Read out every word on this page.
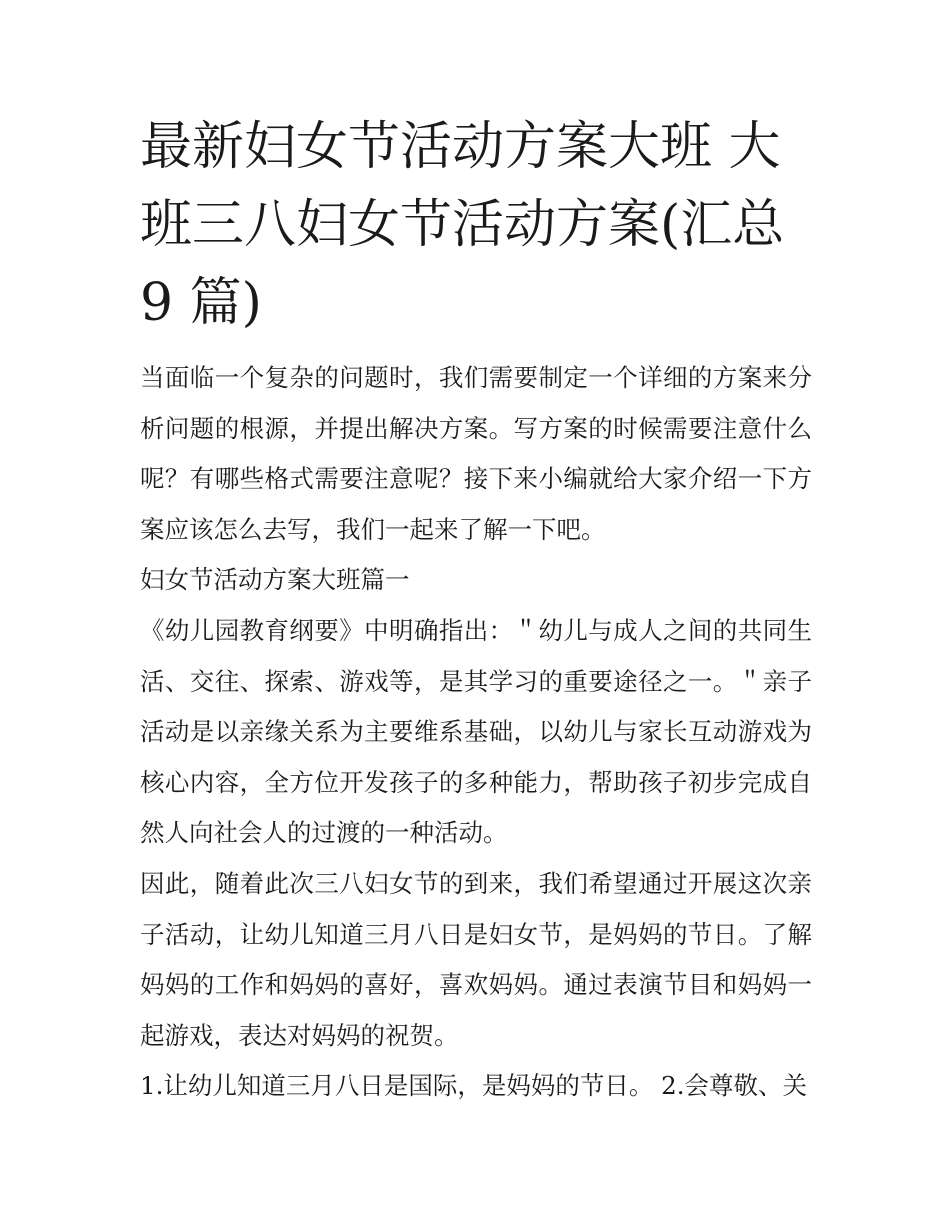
最新妇女节活动方案大班 大班三八妇女节活动方案(汇总 9 篇)

当面临一个复杂的问题时，我们需要制定一个详细的方案来分析问题的根源，并提出解决方案。写方案的时候需要注意什么呢？有哪些格式需要注意呢？接下来小编就给大家介绍一下方案应该怎么去写，我们一起来了解一下吧。

妇女节活动方案大班篇一

《幼儿园教育纲要》中明确指出：＂幼儿与成人之间的共同生活、交往、探索、游戏等，是其学习的重要途径之一。＂亲子活动是以亲缘关系为主要维系基础，以幼儿与家长互动游戏为核心内容，全方位开发孩子的多种能力，帮助孩子初步完成自然人向社会人的过渡的一种活动。

因此，随着此次三八妇女节的到来，我们希望通过开展这次亲子活动，让幼儿知道三月八日是妇女节，是妈妈的节日。了解妈妈的工作和妈妈的喜好，喜欢妈妈。通过表演节目和妈妈一起游戏，表达对妈妈的祝贺。

1.让幼儿知道三月八日是国际，是妈妈的节日。 2.会尊敬、关
